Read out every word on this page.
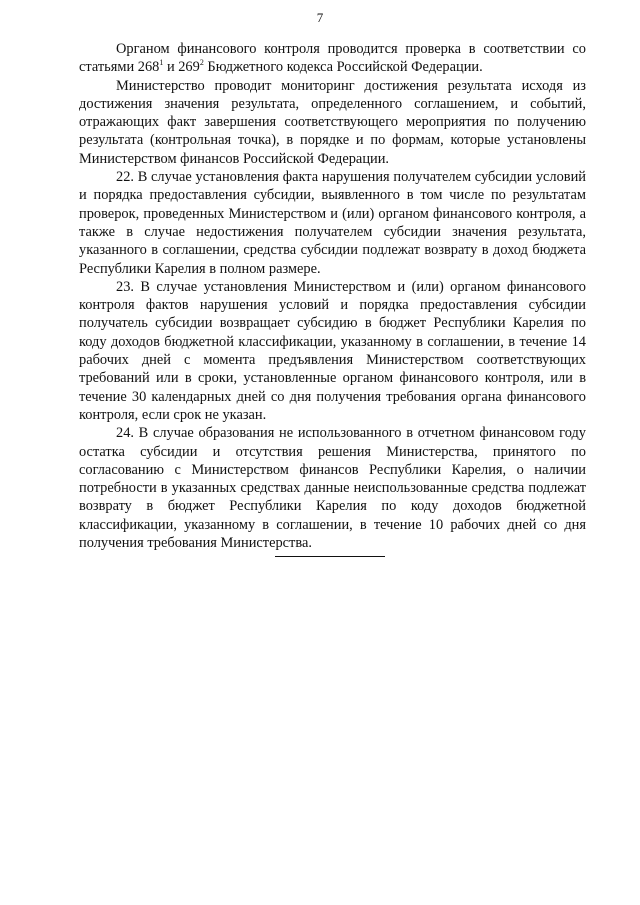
7

Органом финансового контроля проводится проверка в соответствии со статьями $268^1$ и $269^2$ Бюджетного кодекса Российской Федерации.

Министерство проводит мониторинг достижения результата исходя из достижения значения результата, определенного соглашением, и событий, отражающих факт завершения соответствующего мероприятия по получению результата (контрольная точка), в порядке и по формам, которые установлены Министерством финансов Российской Федерации.

22. В случае установления факта нарушения получателем субсидии условий и порядка предоставления субсидии, выявленного в том числе по результатам проверок, проведенных Министерством и (или) органом финансового контроля, а также в случае недостижения получателем субсидии значения результата, указанного в соглашении, средства субсидии подлежат возврату в доход бюджета Республики Карелия в полном размере.

23. В случае установления Министерством и (или) органом финансового контроля фактов нарушения условий и порядка предоставления субсидии получатель субсидии возвращает субсидию в бюджет Республики Карелия по коду доходов бюджетной классификации, указанному в соглашении, в течение 14 рабочих дней с момента предъявления Министерством соответствующих требований или в сроки, установленные органом финансового контроля, или в течение 30 календарных дней со дня получения требования органа финансового контроля, если срок не указан.

24. В случае образования не использованного в отчетном финансовом году остатка субсидии и отсутствия решения Министерства, принятого по согласованию с Министерством финансов Республики Карелия, о наличии потребности в указанных средствах данные неиспользованные средства подлежат возврату в бюджет Республики Карелия по коду доходов бюджетной классификации, указанному в соглашении, в течение 10 рабочих дней со дня получения требования Министерства.
